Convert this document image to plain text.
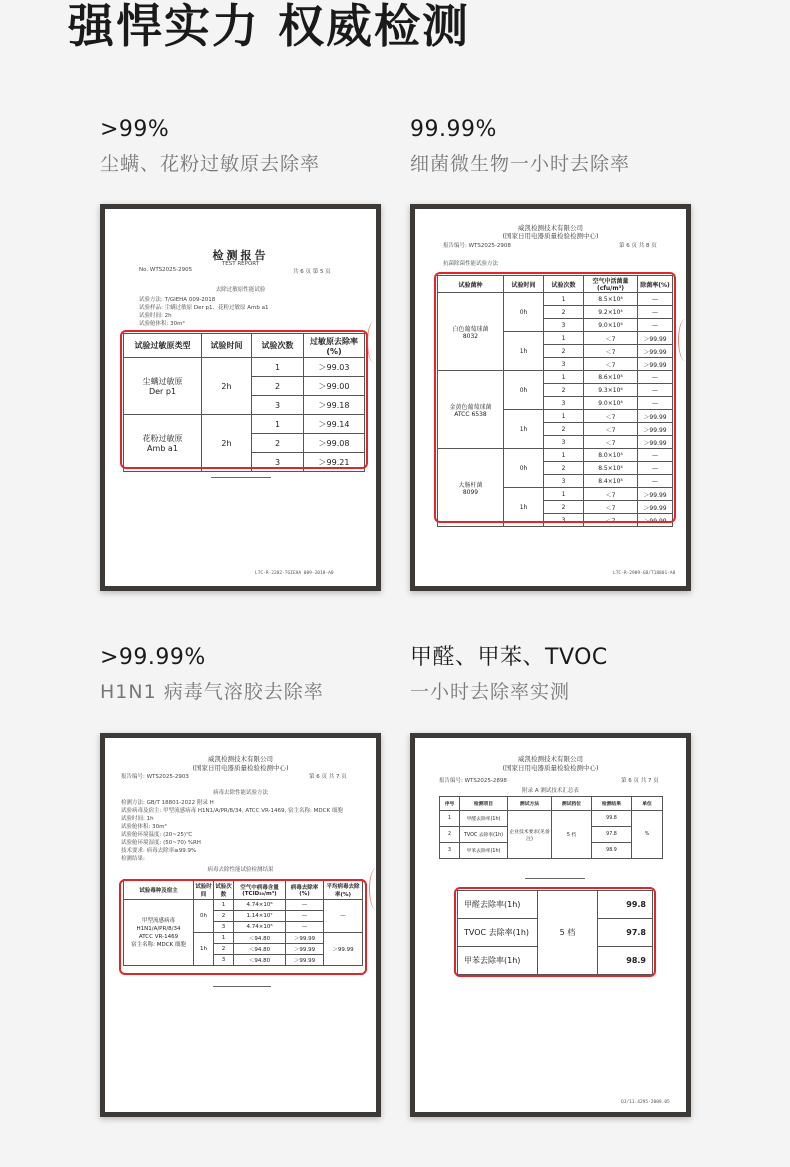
强悍实力 权威检测
>99%
尘螨、花粉过敏原去除率
99.99%
细菌微生物一小时去除率
>99.99%
H1N1 病毒气溶胶去除率
甲醛、甲苯、TVOC
一小时去除率实测
检测报告
TEST REPORT
No. WTS2025-2905	共 6 页 第 5 页
去除过敏原性能试验
试验方法: T/GIEHA 009-2018
试验样品: 尘螨过敏原 Der p1、花粉过敏原 Amb a1
试验时间: 2h
试验舱体积: 30m³
试验过敏原类型	试验时间	试验次数	过敏原去除率(%)

尘螨过敏原
Der p1	2h	1	＞99.03
		2	＞99.00
		3	＞99.18

花粉过敏原
Amb a1	2h	1	＞99.14
		2	＞99.08
		3	＞99.21
LTC-R-2282-TGIEHA 009-2018-A0
威凯检测技术有限公司
(国家日用电器质量检验检测中心)
报告编号: WTS2025-2908	第 6 页 共 8 页
抗菌除菌性能试验方法
试验菌种	试验时间	试验次数	空气中活菌量(cfu/m³)	除菌率(%)

白色葡萄球菌
8032	0h	1	8.5×10⁴	—
		2	9.2×10⁴	—
		3	9.0×10⁴	—
	1h	1	＜7	＞99.99
		2	＜7	＞99.99
		3	＜7	＞99.99

金黄色葡萄球菌
ATCC 6538	0h	1	8.6×10⁴	—
		2	9.3×10⁴	—
		3	9.0×10⁴	—
	1h	1	＜7	＞99.99
		2	＜7	＞99.99
		3	＜7	＞99.99

大肠杆菌
8099	0h	1	8.0×10⁴	—
		2	8.5×10⁴	—
		3	8.4×10⁴	—
	1h	1	＜7	＞99.99
		2	＜7	＞99.99
		3	＜7	＞99.99
LTC-R-2909-GB/T18801-A0
威凯检测技术有限公司
(国家日用电器质量检验检测中心)
报告编号: WTS2025-2903	第 6 页 共 7 页
病毒去除性能试验方法
检测方法: GB/T 18801-2022 附录 H
试验病毒及宿主: 甲型流感病毒 H1N1/A/PR/8/34, ATCC VR-1469, 宿主名称: MDCK 细胞
试验时间: 1h
试验舱体积: 30m³
试验舱环境温度: (20~25)℃
试验舱环境湿度: (50~70) %RH
技术要求: 病毒去除率≥99.9%
检测结果:
病毒去除性能试验检测结果
试验毒种及宿主	试验时间	试验次数	空气中病毒含量(TCID₅₀/m³)	病毒去除率(%)	平均病毒去除率(%)

甲型流感病毒
H1N1/A/PR/8/34
ATCC VR-1469
宿主名称: MDCK 细胞	0h	1	4.74×10⁶	—	—
		2	1.14×10⁷	—	
		3	4.74×10⁶	—	
	1h	1	＜94.80	＞99.99	＞99.99
		2	＜94.80	＞99.99	
		3	＜94.80	＞99.99	
威凯检测技术有限公司
(国家日用电器质量检验检测中心)
报告编号: WTS2025-2898	第 6 页 共 7 页
附录 A 测试技术汇总表
序号	检测项目	测试方法	测试档位	检测结果	单位
1	甲醛去除率(1h)	企业技术要求(见备注)	5 档	99.8	%
2	TVOC 去除率(1h)			97.8	
3	甲苯去除率(1h)			98.9	
甲醛去除率(1h)	5 档	99.8
TVOC 去除率(1h)		97.8
甲苯去除率(1h)		98.9
QJ/11.4295-2009.05
